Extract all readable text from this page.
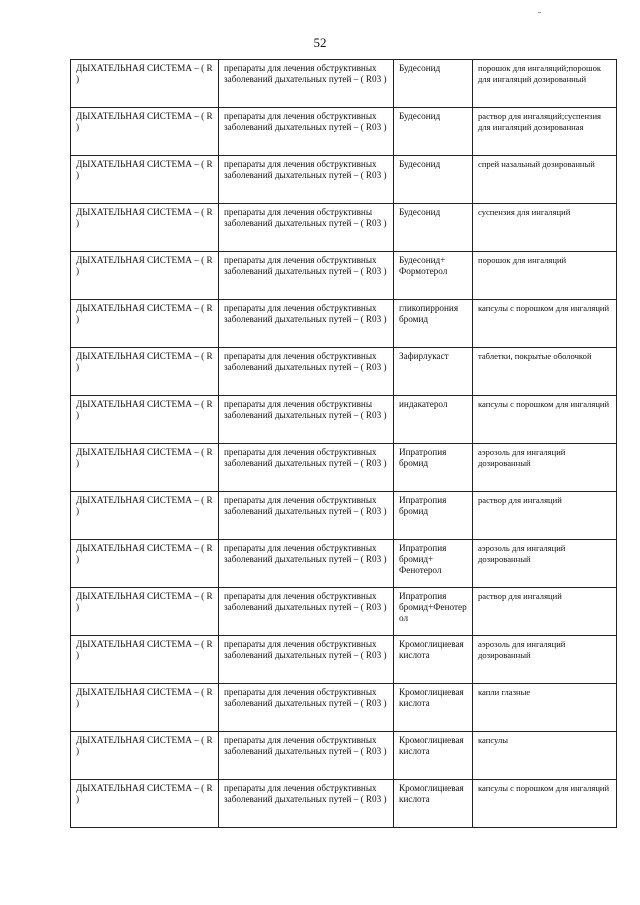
52
ДЫХАТЕЛЬНАЯ СИСТЕМА – ( R )	препараты для лечения обструктивных заболеваний дыхательных путей – ( R03 )	Будесонид	порошок для ингаляций;порошок для ингаляций дозированный
ДЫХАТЕЛЬНАЯ СИСТЕМА – ( R )	препараты для лечения обструктивных заболеваний дыхательных путей – ( R03 )	Будесонид	раствор для ингаляций;суспензия для ингаляций дозированная
ДЫХАТЕЛЬНАЯ СИСТЕМА – ( R )	препараты для лечения обструктивных заболеваний дыхательных путей – ( R03 )	Будесонид	спрей назальный дозированный
ДЫХАТЕЛЬНАЯ СИСТЕМА – ( R )	препараты для лечения обструктивны заболеваний дыхательных путей – ( R03 )	Будесонид	суспензия для ингаляций
ДЫХАТЕЛЬНАЯ СИСТЕМА – ( R )	препараты для лечения обструктивных заболеваний дыхательных путей – ( R03 )	Будесонид+ Формотерол	порошок для ингаляций
ДЫХАТЕЛЬНАЯ СИСТЕМА – ( R )	препараты для лечения обструктивных заболеваний дыхательных путей – ( R03 )	гликопиррония бромид	капсулы с порошком для ингаляций
ДЫХАТЕЛЬНАЯ СИСТЕМА – ( R )	препараты для лечения обструктивных заболеваний дыхательных путей – ( R03 )	Зафирлукаст	таблетки, покрытые оболочкой
ДЫХАТЕЛЬНАЯ СИСТЕМА – ( R )	препараты для лечения обструктивны заболеваний дыхательных путей – ( R03 )	индакатерол	капсулы с порошком для ингаляций
ДЫХАТЕЛЬНАЯ СИСТЕМА – ( R )	препараты для лечения обструктивных заболеваний дыхательных путей – ( R03 )	Ипратропия бромид	аэрозоль для ингаляций дозированный
ДЫХАТЕЛЬНАЯ СИСТЕМА – ( R )	препараты для лечения обструктивных заболеваний дыхательных путей – ( R03 )	Ипратропия бромид	раствор для ингаляций
ДЫХАТЕЛЬНАЯ СИСТЕМА – ( R )	препараты для лечения обструктивных заболеваний дыхательных путей – ( R03 )	Ипратропия бромид+ Фенотерол	аэрозоль для ингаляций дозированный
ДЫХАТЕЛЬНАЯ СИСТЕМА – ( R )	препараты для лечения обструктивных заболеваний дыхательных путей – ( R03 )	Ипратропия бромид+Фенотерол	раствор для ингаляций
ДЫХАТЕЛЬНАЯ СИСТЕМА – ( R )	препараты для лечения обструктивных заболеваний дыхательных путей – ( R03 )	Кромоглициевая кислота	аэрозоль для ингаляций дозированный
ДЫХАТЕЛЬНАЯ СИСТЕМА – ( R )	препараты для лечения обструктивных заболеваний дыхательных путей – ( R03 )	Кромоглициевая кислота	капли глазные
ДЫХАТЕЛЬНАЯ СИСТЕМА – ( R )	препараты для лечения обструктивных заболеваний дыхательных путей – ( R03 )	Кромоглициевая кислота	капсулы
ДЫХАТЕЛЬНАЯ СИСТЕМА – ( R )	препараты для лечения обструктивных заболеваний дыхательных путей – ( R03 )	Кромоглициевая кислота	капсулы с порошком для ингаляций
